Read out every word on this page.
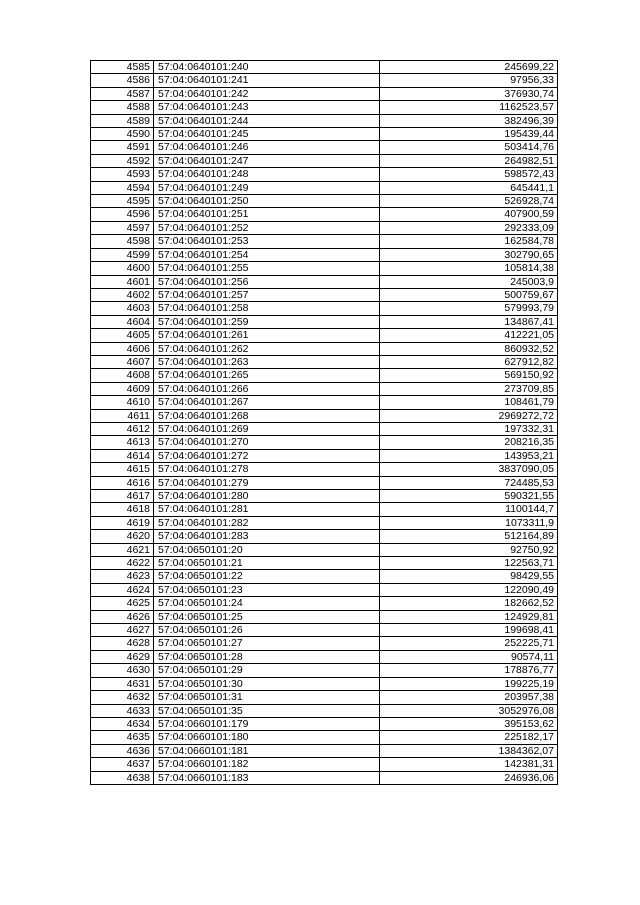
4585	57:04:0640101:240	245699,22
4586	57:04:0640101:241	97956,33
4587	57:04:0640101:242	376930,74
4588	57:04:0640101:243	1162523,57
4589	57:04:0640101:244	382496,39
4590	57:04:0640101:245	195439,44
4591	57:04:0640101:246	503414,76
4592	57:04:0640101:247	264982,51
4593	57:04:0640101:248	598572,43
4594	57:04:0640101:249	645441,1
4595	57:04:0640101:250	526928,74
4596	57:04:0640101:251	407900,59
4597	57:04:0640101:252	292333,09
4598	57:04:0640101:253	162584,78
4599	57:04:0640101:254	302790,65
4600	57:04:0640101:255	105814,38
4601	57:04:0640101:256	245003,9
4602	57:04:0640101:257	500759,67
4603	57:04:0640101:258	579993,79
4604	57:04:0640101:259	134867,41
4605	57:04:0640101:261	412221,05
4606	57:04:0640101:262	860932,52
4607	57:04:0640101:263	627912,82
4608	57:04:0640101:265	569150,92
4609	57:04:0640101:266	273709,85
4610	57:04:0640101:267	108461,79
4611	57:04:0640101:268	2969272,72
4612	57:04:0640101:269	197332,31
4613	57:04:0640101:270	208216,35
4614	57:04:0640101:272	143953,21
4615	57:04:0640101:278	3837090,05
4616	57:04:0640101:279	724485,53
4617	57:04:0640101:280	590321,55
4618	57:04:0640101:281	1100144,7
4619	57:04:0640101:282	1073311,9
4620	57:04:0640101:283	512164,89
4621	57:04:0650101:20	92750,92
4622	57:04:0650101:21	122563,71
4623	57:04:0650101:22	98429,55
4624	57:04:0650101:23	122090,49
4625	57:04:0650101:24	182662,52
4626	57:04:0650101:25	124929,81
4627	57:04:0650101:26	199698,41
4628	57:04:0650101:27	252225,71
4629	57:04:0650101:28	90574,11
4630	57:04:0650101:29	178876,77
4631	57:04:0650101:30	199225,19
4632	57:04:0650101:31	203957,38
4633	57:04:0650101:35	3052976,08
4634	57:04:0660101:179	395153,62
4635	57:04:0660101:180	225182,17
4636	57:04:0660101:181	1384362,07
4637	57:04:0660101:182	142381,31
4638	57:04:0660101:183	246936,06
